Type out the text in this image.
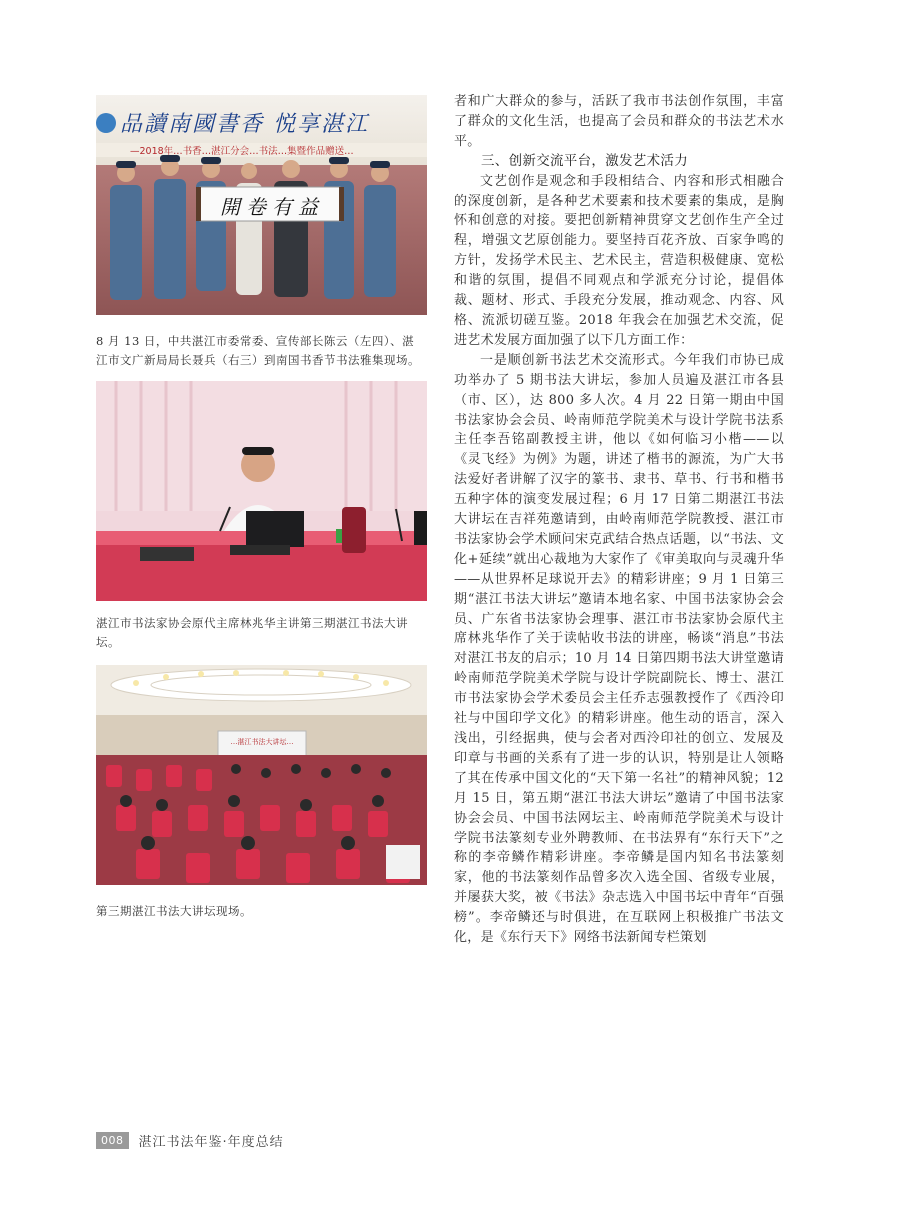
品讀南國書香 悦享湛江
—2018年…书香…湛江分会…书法…集暨作品赠送…
開卷有益
8 月 13 日，中共湛江市委常委、宣传部长陈云（左四）、湛江市文广新局局长聂兵（右三）到南国书香节书法雅集现场。
湛江市书法家协会原代主席林兆华主讲第三期湛江书法大讲坛。
…湛江书法大讲坛…
第三期湛江书法大讲坛现场。

者和广大群众的参与，活跃了我市书法创作氛围，丰富了群众的文化生活，也提高了会员和群众的书法艺术水平。

三、创新交流平台，激发艺术活力

文艺创作是观念和手段相结合、内容和形式相融合的深度创新，是各种艺术要素和技术要素的集成，是胸怀和创意的对接。要把创新精神贯穿文艺创作生产全过程，增强文艺原创能力。要坚持百花齐放、百家争鸣的方针，发扬学术民主、艺术民主，营造积极健康、宽松和谐的氛围，提倡不同观点和学派充分讨论，提倡体裁、题材、形式、手段充分发展，推动观念、内容、风格、流派切磋互鉴。2018 年我会在加强艺术交流，促进艺术发展方面加强了以下几方面工作：

一是顺创新书法艺术交流形式。今年我们市协已成功举办了 5 期书法大讲坛，参加人员遍及湛江市各县（市、区），达 800 多人次。4 月 22 日第一期由中国书法家协会会员、岭南师范学院美术与设计学院书法系主任李吾铭副教授主讲，他以《如何临习小楷——以《灵飞经》为例》为题，讲述了楷书的源流，为广大书法爱好者讲解了汉字的篆书、隶书、草书、行书和楷书五种字体的演变发展过程；6 月 17 日第二期湛江书法大讲坛在吉祥苑邀请到，由岭南师范学院教授、湛江市书法家协会学术顾问宋克武结合热点话题，以“书法、文化+延续”就出心裁地为大家作了《审美取向与灵魂升华——从世界杯足球说开去》的精彩讲座；9 月 1 日第三期“湛江书法大讲坛”邀请本地名家、中国书法家协会会员、广东省书法家协会理事、湛江市书法家协会原代主席林兆华作了关于读帖收书法的讲座，畅谈“消息”书法对湛江书友的启示；10 月 14 日第四期书法大讲堂邀请岭南师范学院美术学院与设计学院副院长、博士、湛江市书法家协会学术委员会主任乔志强教授作了《西泠印社与中国印学文化》的精彩讲座。他生动的语言，深入浅出，引经据典，使与会者对西泠印社的创立、发展及印章与书画的关系有了进一步的认识，特别是让人领略了其在传承中国文化的“天下第一名社”的精神风貌；12 月 15 日，第五期“湛江书法大讲坛”邀请了中国书法家协会会员、中国书法网坛主、岭南师范学院美术与设计学院书法篆刻专业外聘教师、在书法界有“东行天下”之称的李帝鳞作精彩讲座。李帝鳞是国内知名书法篆刻家，他的书法篆刻作品曾多次入选全国、省级专业展，并屡获大奖，被《书法》杂志选入中国书坛中青年“百强榜”。李帝鳞还与时俱进，在互联网上积极推广书法文化，是《东行天下》网络书法新闻专栏策划

008	湛江书法年鉴·年度总结
